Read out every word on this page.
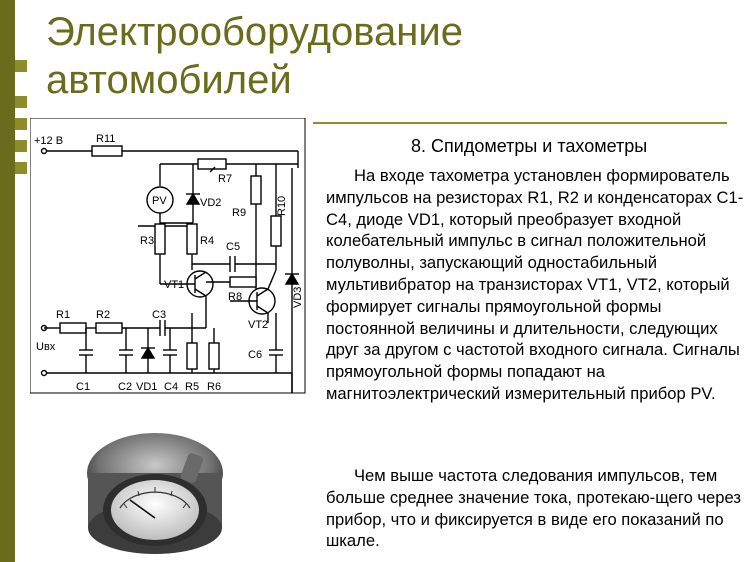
Электрооборудование
автомобилей
8. Спидометры и тахометры
На входе тахометра установлен формирователь импульсов на резисторах R1, R2 и конденсаторах С1-С4, диоде VD1, который преобразует входной колебательный импульс в сигнал положительной полуволны, запускающий одностабильный мультивибратор на транзисторах VT1, VT2, который формирует сигналы прямоугольной формы постоянной величины и длительности, следующих друг за другом с частотой входного сигнала. Сигналы прямоугольной формы попадают на магнитоэлектрический измерительный прибор PV.
Чем выше частота следования импульсов, тем больше среднее значение тока, протекаю-щего через прибор, что и фиксируется в виде его показаний по шкале.
+12 В	R11
R7
PV	VD2
R9	R10
R3	R4 C5
VT1
R8
VT2
VD3
R1 R2	C3
Uвх
C6
C1	C2 VD1 C4 R5 R6
